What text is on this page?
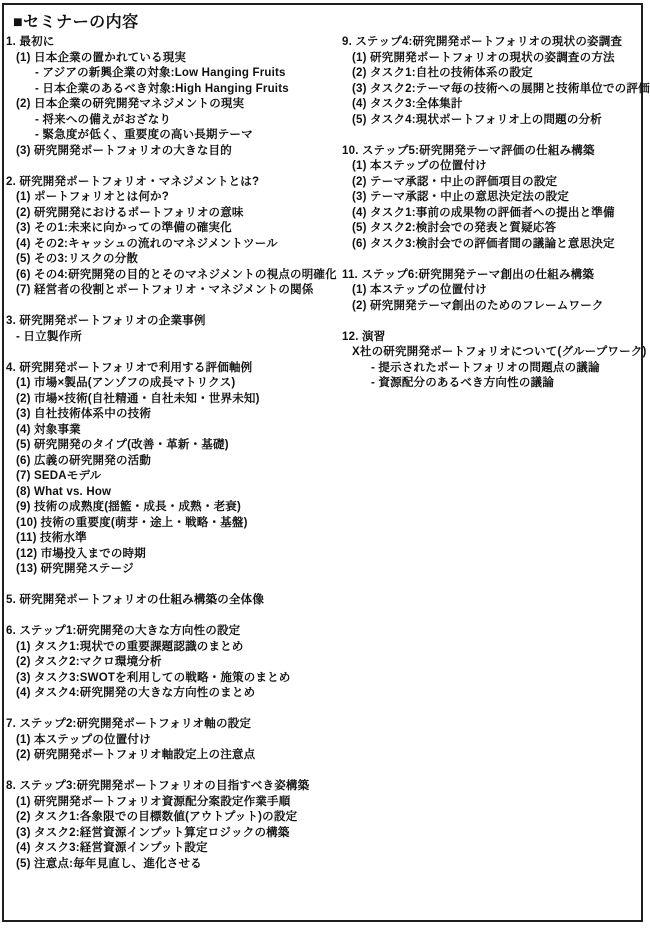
■セミナーの内容
1. 最初に
(1) 日本企業の置かれている現実
- アジアの新興企業の対象:Low Hanging Fruits
- 日本企業のあるべき対象:High Hanging Fruits
(2) 日本企業の研究開発マネジメントの現実
- 将来への備えがおざなり
- 緊急度が低く、重要度の高い長期テーマ
(3) 研究開発ポートフォリオの大きな目的
2. 研究開発ポートフォリオ・マネジメントとは?
(1) ポートフォリオとは何か?
(2) 研究開発におけるポートフォリオの意味
(3) その1:未来に向かっての準備の確実化
(4) その2:キャッシュの流れのマネジメントツール
(5) その3:リスクの分散
(6) その4:研究開発の目的とそのマネジメントの視点の明確化
(7) 経営者の役割とポートフォリオ・マネジメントの関係
3. 研究開発ポートフォリオの企業事例
- 日立製作所
4. 研究開発ポートフォリオで利用する評価軸例
(1) 市場×製品(アンゾフの成長マトリクス)
(2) 市場×技術(自社精通・自社未知・世界未知)
(3) 自社技術体系中の技術
(4) 対象事業
(5) 研究開発のタイプ(改善・革新・基礎)
(6) 広義の研究開発の活動
(7) SEDAモデル
(8) What vs. How
(9) 技術の成熟度(揺籃・成長・成熟・老衰)
(10) 技術の重要度(萌芽・途上・戦略・基盤)
(11) 技術水準
(12) 市場投入までの時期
(13) 研究開発ステージ
5. 研究開発ポートフォリオの仕組み構築の全体像
6. ステップ1:研究開発の大きな方向性の設定
(1) タスク1:現状での重要課題認識のまとめ
(2) タスク2:マクロ環境分析
(3) タスク3:SWOTを利用しての戦略・施策のまとめ
(4) タスク4:研究開発の大きな方向性のまとめ
7. ステップ2:研究開発ポートフォリオ軸の設定
(1) 本ステップの位置付け
(2) 研究開発ポートフォリオ軸設定上の注意点
8. ステップ3:研究開発ポートフォリオの目指すべき姿構築
(1) 研究開発ポートフォリオ資源配分案設定作業手順
(2) タスク1:各象限での目標数値(アウトプット)の設定
(3) タスク2:経営資源インプット算定ロジックの構築
(4) タスク3:経営資源インプット設定
(5) 注意点:毎年見直し、進化させる
9. ステップ4:研究開発ポートフォリオの現状の姿調査
(1) 研究開発ポートフォリオの現状の姿調査の方法
(2) タスク1:自社の技術体系の設定
(3) タスク2:テーマ毎の技術への展開と技術単位での評価
(4) タスク3:全体集計
(5) タスク4:現状ポートフォリオ上の問題の分析
10. ステップ5:研究開発テーマ評価の仕組み構築
(1) 本ステップの位置付け
(2) テーマ承認・中止の評価項目の設定
(3) テーマ承認・中止の意思決定法の設定
(4) タスク1:事前の成果物の評価者への提出と準備
(5) タスク2:検討会での発表と質疑応答
(6) タスク3:検討会での評価者間の議論と意思決定
11. ステップ6:研究開発テーマ創出の仕組み構築
(1) 本ステップの位置付け
(2) 研究開発テーマ創出のためのフレームワーク
12. 演習
X社の研究開発ポートフォリオについて(グループワーク)
- 提示されたポートフォリオの問題点の議論
- 資源配分のあるべき方向性の議論
